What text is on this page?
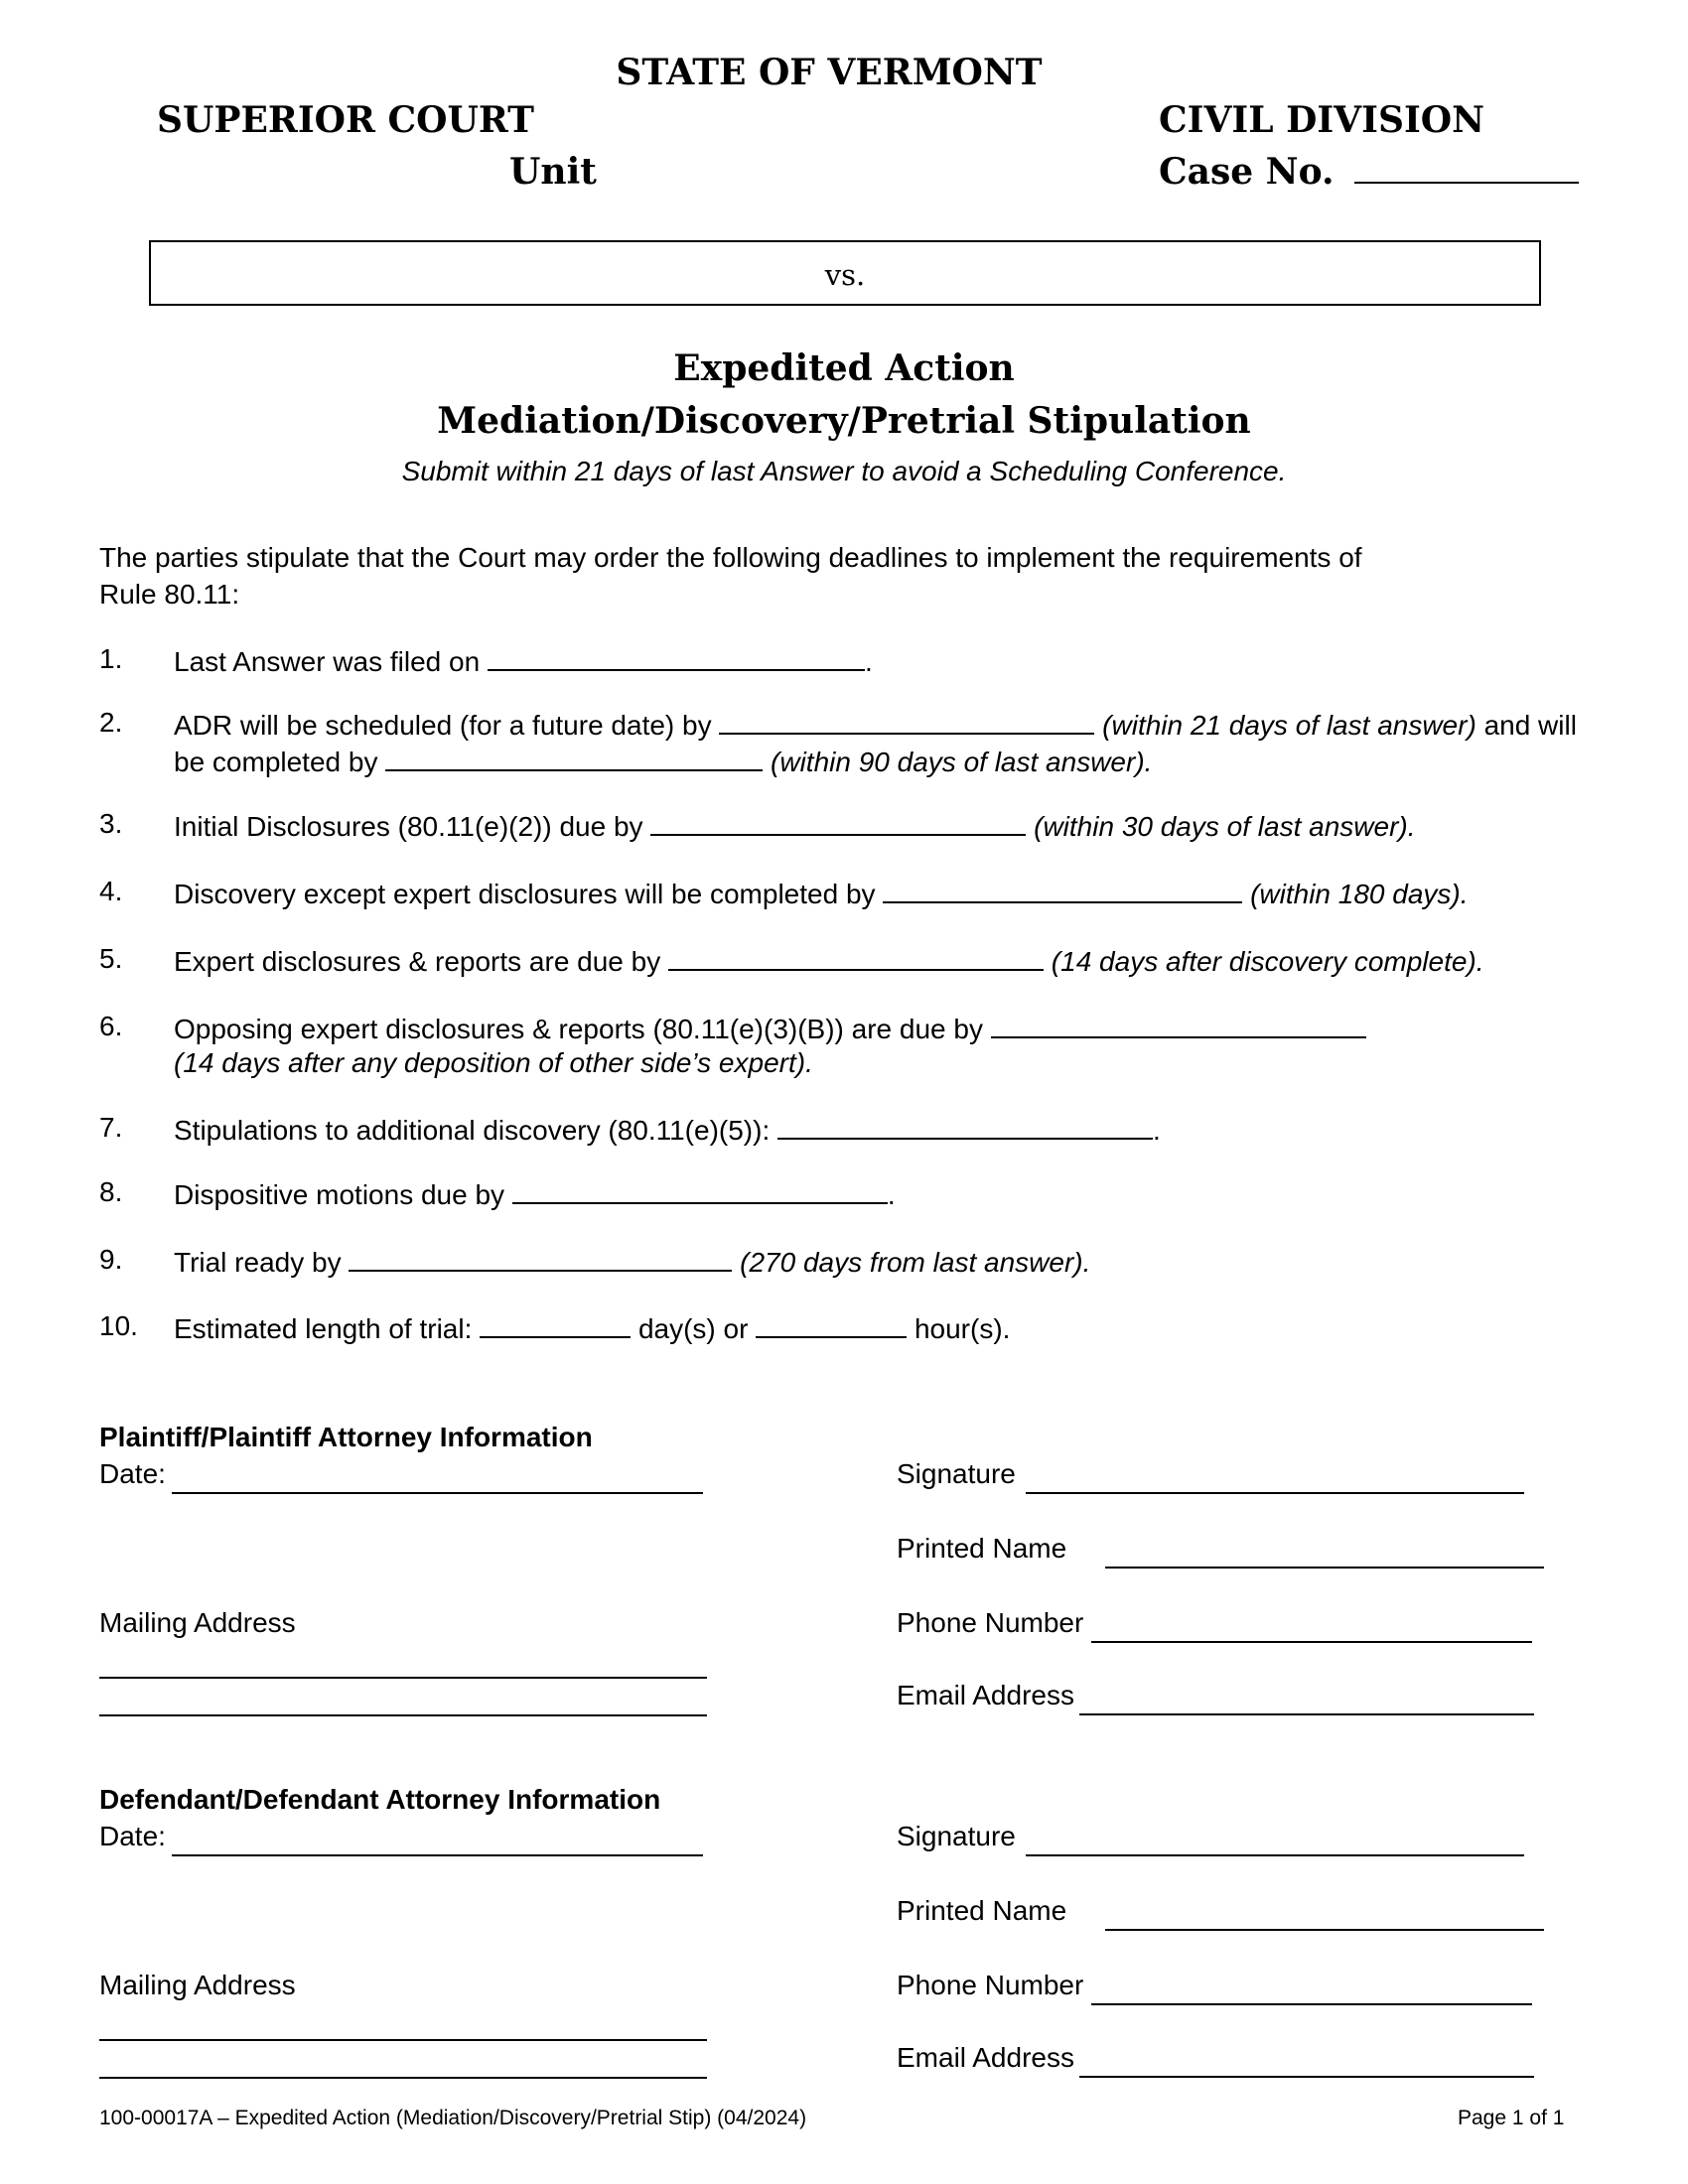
STATE OF VERMONT
SUPERIOR COURT	CIVIL DIVISION
Unit	Case No.
vs.
Expedited Action
Mediation/Discovery/Pretrial Stipulation
Submit within 21 days of last Answer to avoid a Scheduling Conference.
The parties stipulate that the Court may order the following deadlines to implement the requirements of
Rule 80.11:
1. Last Answer was filed on	.
2. ADR will be scheduled (for a future date) by	(within 21 days of last answer) and will
be completed by	(within 90 days of last answer).
3. Initial Disclosures (80.11(e)(2)) due by	(within 30 days of last answer).
4. Discovery except expert disclosures will be completed by	(within 180 days).
5. Expert disclosures & reports are due by	(14 days after discovery complete).
6. Opposing expert disclosures & reports (80.11(e)(3)(B)) are due by
(14 days after any deposition of other side’s expert).
7. Stipulations to additional discovery (80.11(e)(5)):	.
8. Dispositive motions due by	.
9. Trial ready by	(270 days from last answer).
10. Estimated length of trial:	day(s) or	hour(s).
Plaintiff/Plaintiff Attorney Information
Date:	Signature
Printed Name
Mailing Address	Phone Number
Email Address
Defendant/Defendant Attorney Information
Date:	Signature
Printed Name
Mailing Address	Phone Number
Email Address
100-00017A – Expedited Action (Mediation/Discovery/Pretrial Stip) (04/2024)	Page 1 of 1
